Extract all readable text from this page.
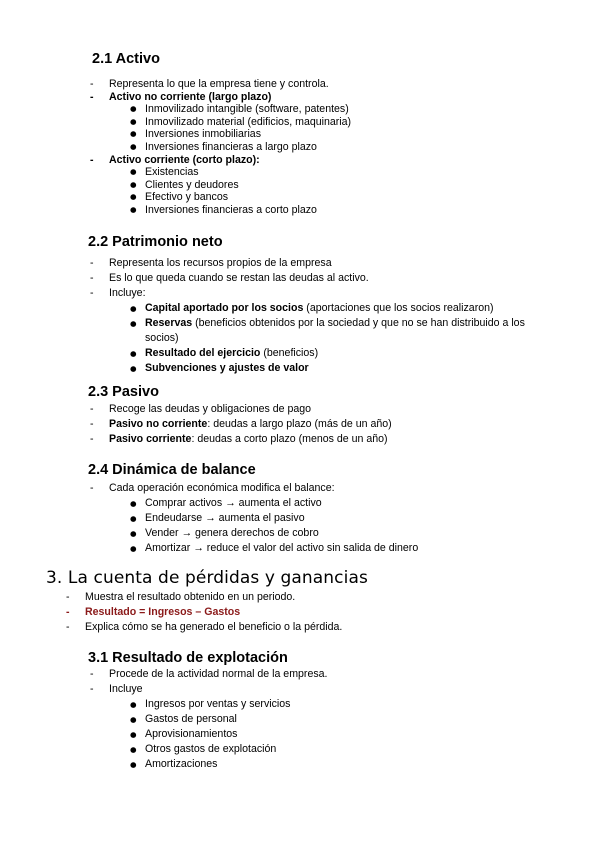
2.1 Activo
- Representa lo que la empresa tiene y controla.
- Activo no corriente (largo plazo)
● Inmovilizado intangible (software, patentes)
● Inmovilizado material (edificios, maquinaria)
● Inversiones inmobiliarias
● Inversiones financieras a largo plazo
- Activo corriente (corto plazo):
● Existencias
● Clientes y deudores
● Efectivo y bancos
● Inversiones financieras a corto plazo
2.2 Patrimonio neto
- Representa los recursos propios de la empresa
- Es lo que queda cuando se restan las deudas al activo.
- Incluye:
● Capital aportado por los socios (aportaciones que los socios realizaron)
● Reservas (beneficios obtenidos por la sociedad y que no se han distribuido a los socios)
● Resultado del ejercicio (beneficios)
● Subvenciones y ajustes de valor
2.3 Pasivo
- Recoge las deudas y obligaciones de pago
- Pasivo no corriente: deudas a largo plazo (más de un año)
- Pasivo corriente: deudas a corto plazo (menos de un año)
2.4 Dinámica de balance
- Cada operación económica modifica el balance:
● Comprar activos → aumenta el activo
● Endeudarse → aumenta el pasivo
● Vender → genera derechos de cobro
● Amortizar → reduce el valor del activo sin salida de dinero
3. La cuenta de pérdidas y ganancias
- Muestra el resultado obtenido en un periodo.
- Resultado = Ingresos – Gastos
- Explica cómo se ha generado el beneficio o la pérdida.
3.1 Resultado de explotación
- Procede de la actividad normal de la empresa.
- Incluye
● Ingresos por ventas y servicios
● Gastos de personal
● Aprovisionamientos
● Otros gastos de explotación
● Amortizaciones
